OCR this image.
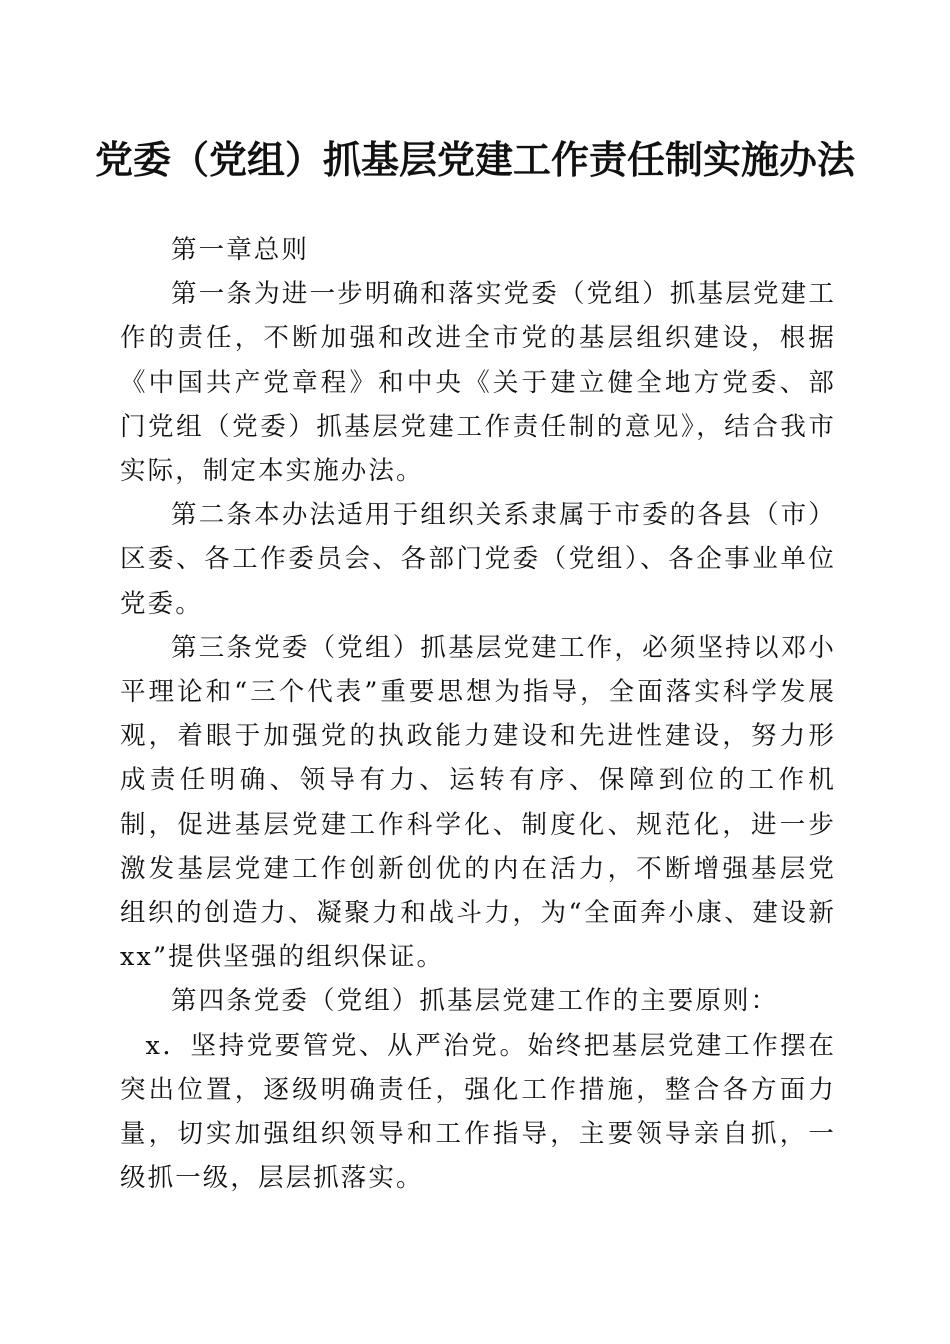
党委（党组）抓基层党建工作责任制实施办法

第一章总则

第一条为进一步明确和落实党委（党组）抓基层党建工作的责任，不断加强和改进全市党的基层组织建设，根据《中国共产党章程》和中央《关于建立健全地方党委、部门党组（党委）抓基层党建工作责任制的意见》，结合我市实际，制定本实施办法。

第二条本办法适用于组织关系隶属于市委的各县（市）区委、各工作委员会、各部门党委（党组）、各企事业单位党委。

第三条党委（党组）抓基层党建工作，必须坚持以邓小平理论和“三个代表”重要思想为指导，全面落实科学发展观，着眼于加强党的执政能力建设和先进性建设，努力形成责任明确、领导有力、运转有序、保障到位的工作机制，促进基层党建工作科学化、制度化、规范化，进一步激发基层党建工作创新创优的内在活力，不断增强基层党组织的创造力、凝聚力和战斗力，为“全面奔小康、建设新xx”提供坚强的组织保证。

第四条党委（党组）抓基层党建工作的主要原则：

x．坚持党要管党、从严治党。始终把基层党建工作摆在突出位置，逐级明确责任，强化工作措施，整合各方面力量，切实加强组织领导和工作指导，主要领导亲自抓，一级抓一级，层层抓落实。
